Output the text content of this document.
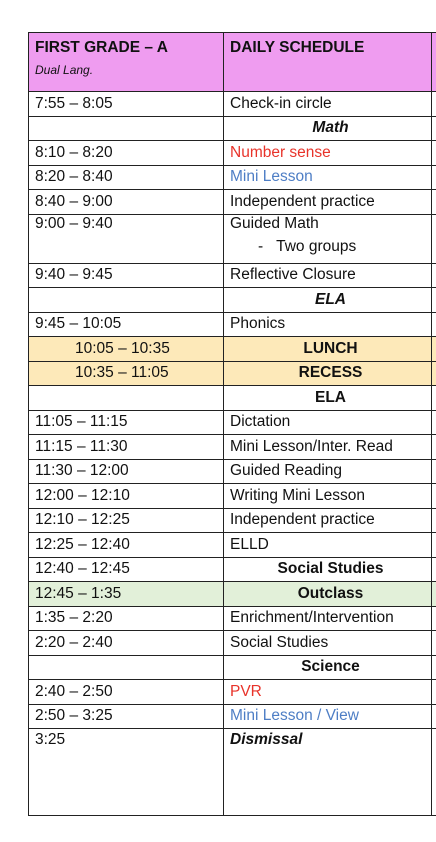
FIRST GRADE – A
Dual Lang.	DAILY SCHEDULE	
7:55 – 8:05	Check-in circle	
	Math	
8:10 – 8:20	Number sense	
8:20 – 8:40	Mini Lesson	
8:40 – 9:00	Independent practice	
9:00 – 9:40	Guided Math
- Two groups	

9:40 – 9:45	Reflective Closure	
	ELA	
9:45 – 10:05	Phonics	
10:05 – 10:35	LUNCH	
10:35 – 11:05	RECESS	
	ELA	
11:05 – 11:15	Dictation	
11:15 – 11:30	Mini Lesson/Inter. Read	
11:30 – 12:00	Guided Reading	
12:00 – 12:10	Writing Mini Lesson	
12:10 – 12:25	Independent practice	
12:25 – 12:40	ELLD	
12:40 – 12:45	Social Studies	
12:45 – 1:35	Outclass	
1:35 – 2:20	Enrichment/Intervention	
2:20 – 2:40	Social Studies	
	Science	
2:40 – 2:50	PVR	
2:50 – 3:25	Mini Lesson / View	
3:25	Dismissal	
